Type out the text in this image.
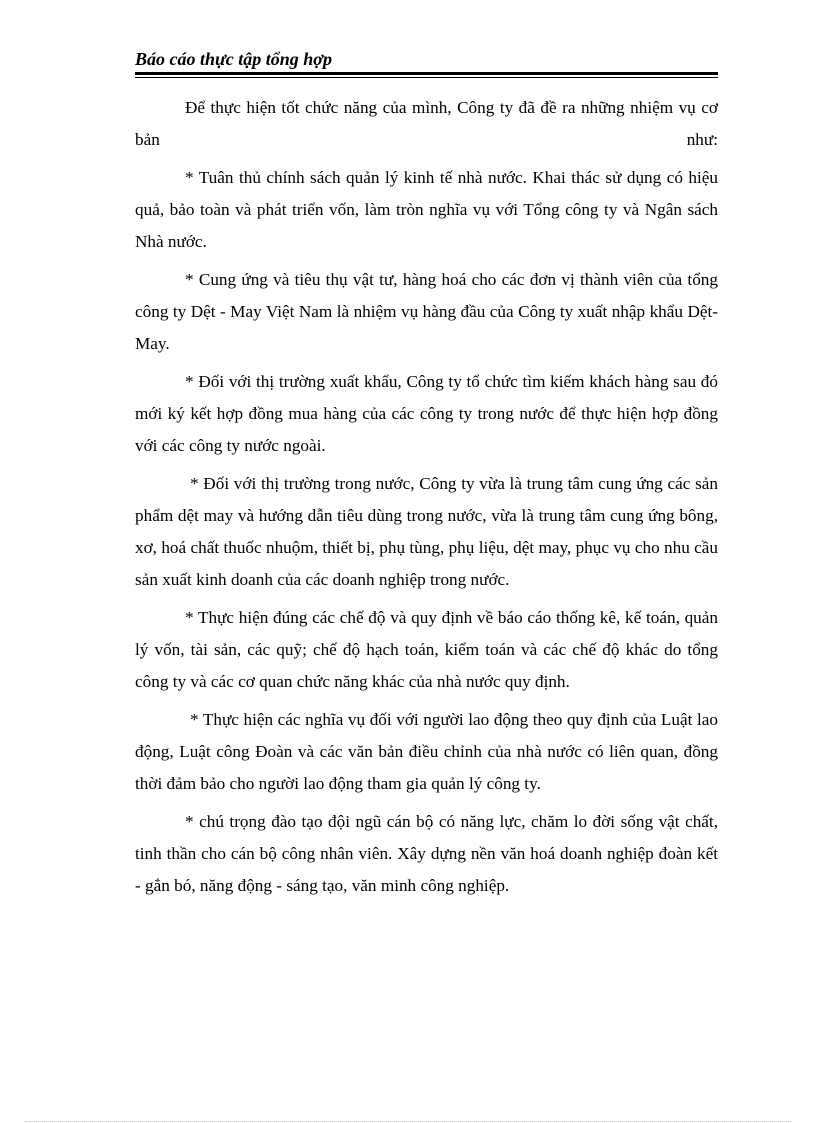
Báo cáo thực tập tổng hợp

Để thực hiện tốt chức năng của mình, Công ty đã đề ra những nhiệm vụ cơ bản như:

* Tuân thủ chính sách quản lý kinh tế nhà nước. Khai thác sử dụng có hiệu quả, bảo toàn và phát triển vốn, làm tròn nghĩa vụ với Tổng công ty và Ngân sách Nhà nước.

* Cung ứng và tiêu thụ vật tư, hàng hoá cho các đơn vị thành viên của tổng công ty Dệt - May Việt Nam là nhiệm vụ hàng đầu của Công ty xuất nhập khẩu Dệt-May.

* Đối với thị trường xuất khẩu, Công ty tổ chức tìm kiếm khách hàng sau đó mới ký kết hợp đồng mua hàng của các công ty trong nước để thực hiện hợp đồng với các công ty nước ngoài.

* Đối với thị trường trong nước, Công ty vừa là trung tâm cung ứng các sản phẩm dệt may và hướng dẫn tiêu dùng trong nước, vừa là trung tâm cung ứng bông, xơ, hoá chất thuốc nhuộm, thiết bị, phụ tùng, phụ liệu, dệt may, phục vụ cho nhu cầu sản xuất kinh doanh của các doanh nghiệp trong nước.

* Thực hiện đúng các chế độ và quy định về báo cáo thống kê, kế toán, quản lý vốn, tài sản, các quỹ; chế độ hạch toán, kiểm toán và các chế độ khác do tổng công ty và các cơ quan chức năng khác của nhà nước quy định.

* Thực hiện các nghĩa vụ đối với người lao động theo quy định của Luật lao động, Luật công Đoàn và các văn bản điều chỉnh của nhà nước có liên quan, đồng thời đảm bảo cho người lao động tham gia quản lý công ty.

* chú trọng đào tạo đội ngũ cán bộ có năng lực, chăm lo đời sống vật chất, tinh thần cho cán bộ công nhân viên. Xây dựng nền văn hoá doanh nghiệp đoàn kết - gắn bó, năng động - sáng tạo, văn minh công nghiệp.
